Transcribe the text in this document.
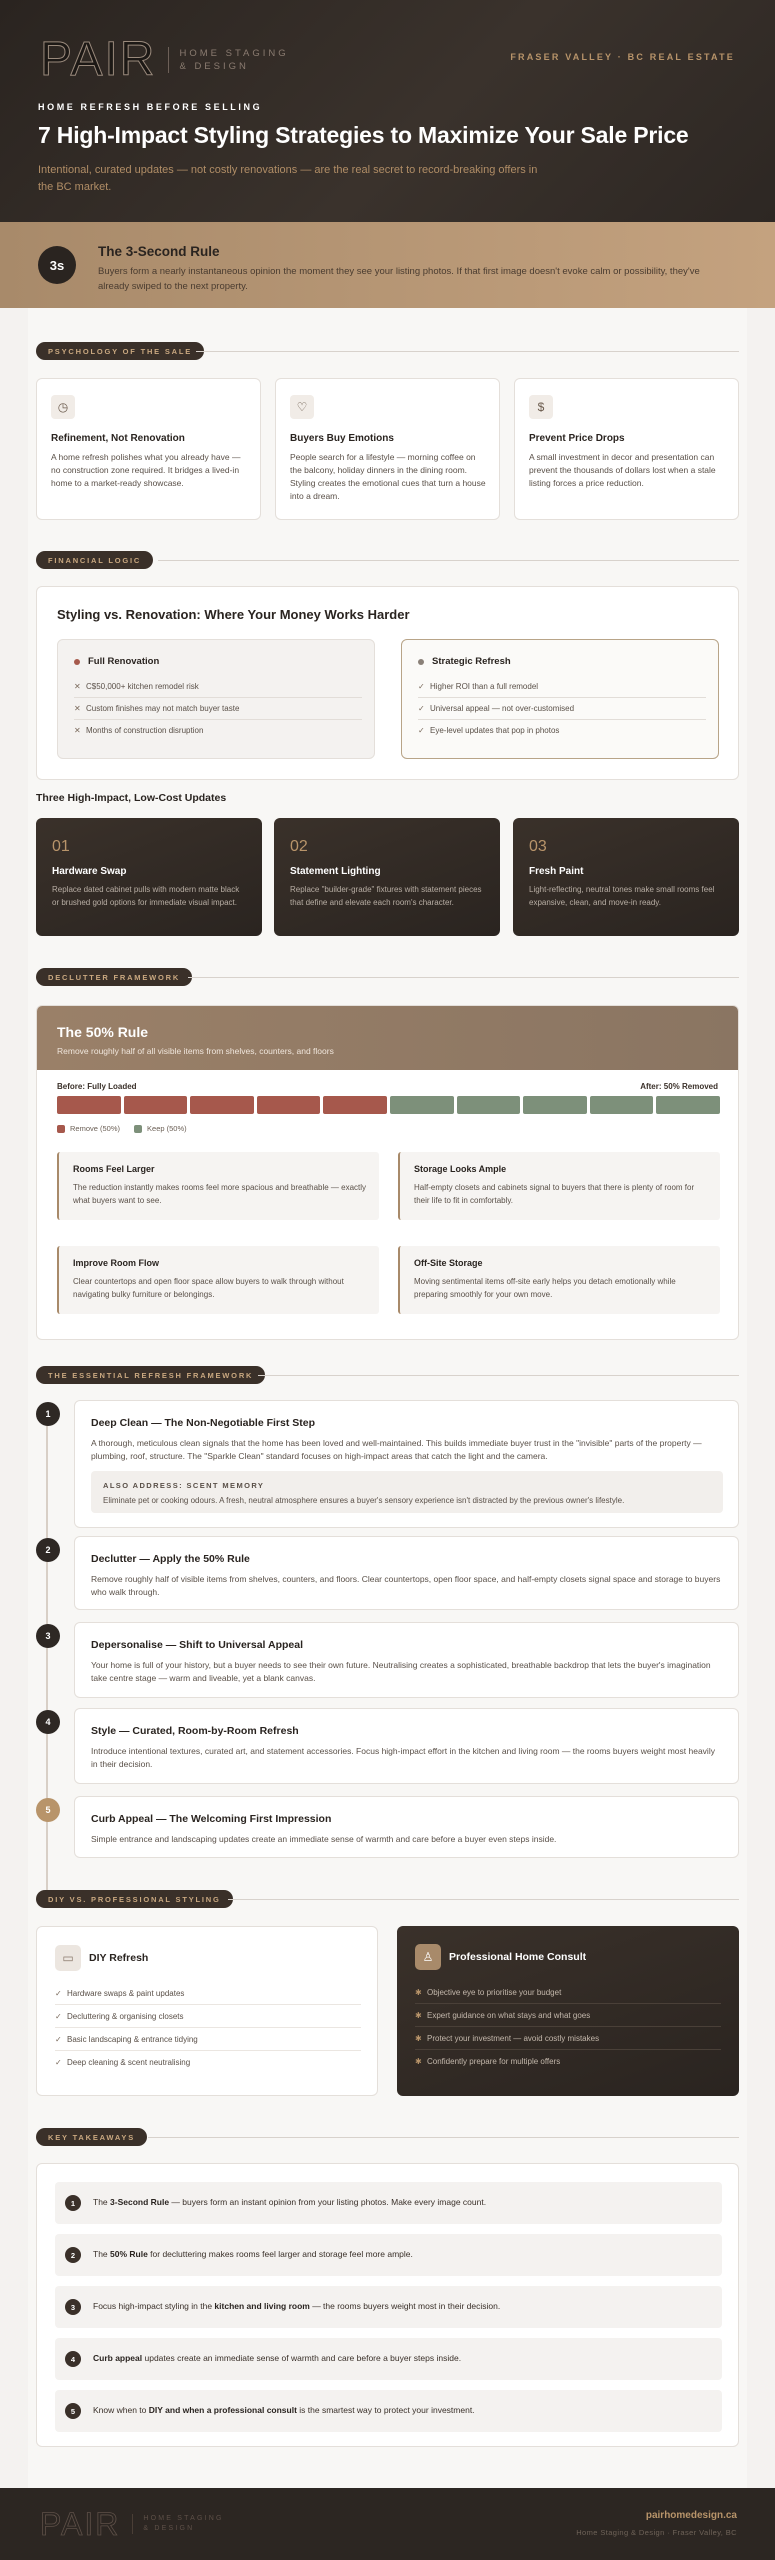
PAIR HOME STAGING
& DESIGN
FRASER VALLEY · BC REAL ESTATE
HOME REFRESH BEFORE SELLING
7 High-Impact Styling Strategies to Maximize Your Sale Price
Intentional, curated updates — not costly renovations — are the real secret to record-breaking offers in the BC market.
3s
The 3-Second Rule
Buyers form a nearly instantaneous opinion the moment they see your listing photos. If that first image doesn't evoke calm or possibility, they've already swiped to the next property.
PSYCHOLOGY OF THE SALE
◷
Refinement, Not Renovation
A home refresh polishes what you already have — no construction zone required. It bridges a lived-in home to a market-ready showcase.
♡
Buyers Buy Emotions
People search for a lifestyle — morning coffee on the balcony, holiday dinners in the dining room. Styling creates the emotional cues that turn a house into a dream.
$
Prevent Price Drops
A small investment in decor and presentation can prevent the thousands of dollars lost when a stale listing forces a price reduction.
FINANCIAL LOGIC
Styling vs. Renovation: Where Your Money Works Harder
Full Renovation
✕ C$50,000+ kitchen remodel risk
✕ Custom finishes may not match buyer taste
✕ Months of construction disruption
Strategic Refresh
✓ Higher ROI than a full remodel
✓ Universal appeal — not over-customised
✓ Eye-level updates that pop in photos
Three High-Impact, Low-Cost Updates
01
Hardware Swap
Replace dated cabinet pulls with modern matte black or brushed gold options for immediate visual impact.
02
Statement Lighting
Replace "builder-grade" fixtures with statement pieces that define and elevate each room's character.
03
Fresh Paint
Light-reflecting, neutral tones make small rooms feel expansive, clean, and move-in ready.
DECLUTTER FRAMEWORK
The 50% Rule
Remove roughly half of all visible items from shelves, counters, and floors
Before: Fully Loaded	After: 50% Removed
Remove (50%)	Keep (50%)
Rooms Feel Larger
The reduction instantly makes rooms feel more spacious and breathable — exactly what buyers want to see.
Storage Looks Ample
Half-empty closets and cabinets signal to buyers that there is plenty of room for their life to fit in comfortably.
Improve Room Flow
Clear countertops and open floor space allow buyers to walk through without navigating bulky furniture or belongings.
Off-Site Storage
Moving sentimental items off-site early helps you detach emotionally while preparing smoothly for your own move.
THE ESSENTIAL REFRESH FRAMEWORK
1
Deep Clean — The Non-Negotiable First Step
A thorough, meticulous clean signals that the home has been loved and well-maintained. This builds immediate buyer trust in the "invisible" parts of the property — plumbing, roof, structure. The "Sparkle Clean" standard focuses on high-impact areas that catch the light and the camera.
ALSO ADDRESS: SCENT MEMORY
Eliminate pet or cooking odours. A fresh, neutral atmosphere ensures a buyer's sensory experience isn't distracted by the previous owner's lifestyle.
2
Declutter — Apply the 50% Rule
Remove roughly half of visible items from shelves, counters, and floors. Clear countertops, open floor space, and half-empty closets signal space and storage to buyers who walk through.
3
Depersonalise — Shift to Universal Appeal
Your home is full of your history, but a buyer needs to see their own future. Neutralising creates a sophisticated, breathable backdrop that lets the buyer's imagination take centre stage — warm and liveable, yet a blank canvas.
4
Style — Curated, Room-by-Room Refresh
Introduce intentional textures, curated art, and statement accessories. Focus high-impact effort in the kitchen and living room — the rooms buyers weight most heavily in their decision.
5
Curb Appeal — The Welcoming First Impression
Simple entrance and landscaping updates create an immediate sense of warmth and care before a buyer even steps inside.
DIY VS. PROFESSIONAL STYLING
▭	DIY Refresh
✓ Hardware swaps & paint updates
✓ Decluttering & organising closets
✓ Basic landscaping & entrance tidying
✓ Deep cleaning & scent neutralising
♙	Professional Home Consult
✱ Objective eye to prioritise your budget
✱ Expert guidance on what stays and what goes
✱ Protect your investment — avoid costly mistakes
✱ Confidently prepare for multiple offers
KEY TAKEAWAYS
1	The 3-Second Rule — buyers form an instant opinion from your listing photos. Make every image count.
2	The 50% Rule for decluttering makes rooms feel larger and storage feel more ample.
3	Focus high-impact styling in the kitchen and living room — the rooms buyers weight most in their decision.
4	Curb appeal updates create an immediate sense of warmth and care before a buyer steps inside.
5	Know when to DIY and when a professional consult is the smartest way to protect your investment.
PAIR	HOME STAGING
& DESIGN
pairhomedesign.ca
Home Staging & Design · Fraser Valley, BC
